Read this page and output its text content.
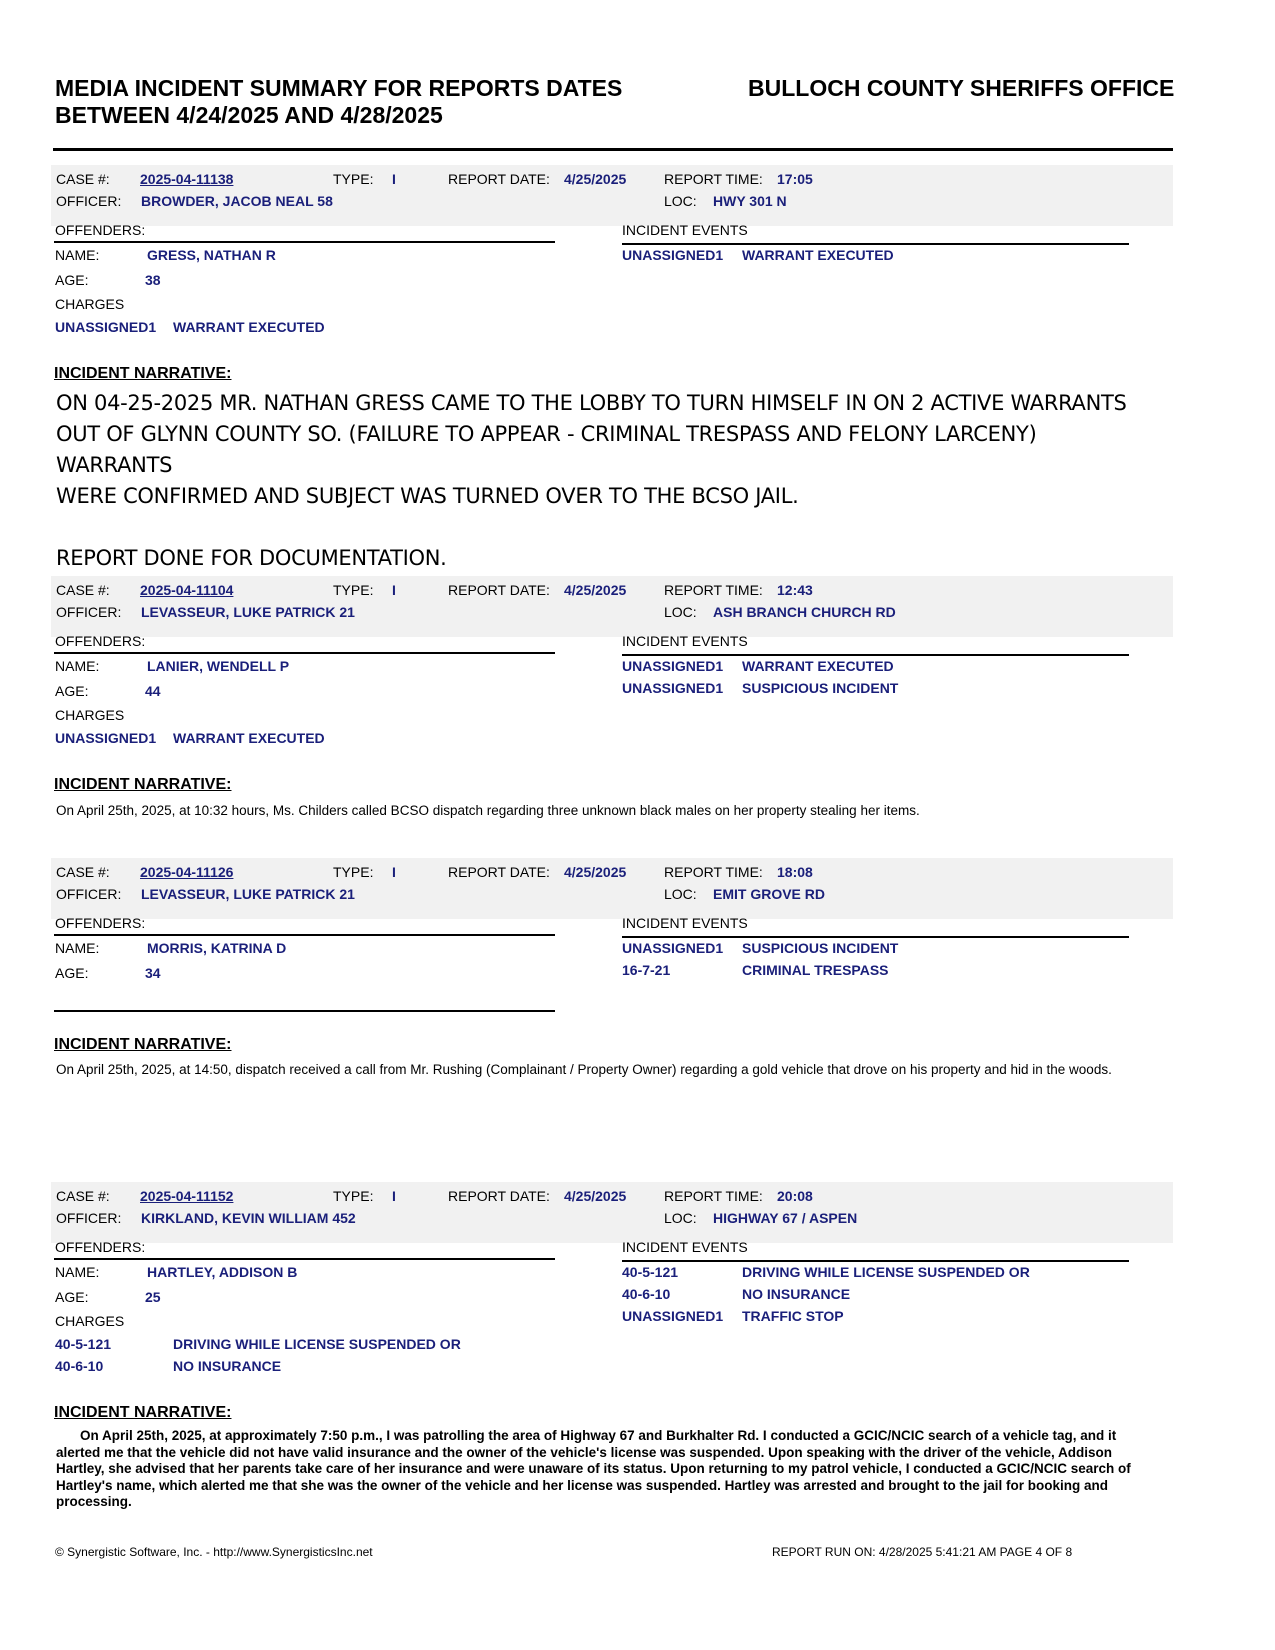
MEDIA INCIDENT SUMMARY FOR REPORTS DATES BETWEEN 4/24/2025 AND 4/28/2025
BULLOCH COUNTY SHERIFFS OFFICE
CASE #: 2025-04-11138	TYPE: I	REPORT DATE: 4/25/2025	REPORT TIME: 17:05
OFFICER: BROWDER, JACOB NEAL 58	LOC: HWY 301 N
OFFENDERS:	INCIDENT EVENTS
NAME:	GRESS, NATHAN R
AGE:	38
CHARGES
UNASSIGNED1 WARRANT EXECUTED
UNASSIGNED1 WARRANT EXECUTED
INCIDENT NARRATIVE:
ON 04-25-2025 MR. NATHAN GRESS CAME TO THE LOBBY TO TURN HIMSELF IN ON 2 ACTIVE WARRANTS
OUT OF GLYNN COUNTY SO. (FAILURE TO APPEAR - CRIMINAL TRESPASS AND FELONY LARCENY) WARRANTS
WERE CONFIRMED AND SUBJECT WAS TURNED OVER TO THE BCSO JAIL.

REPORT DONE FOR DOCUMENTATION.
CASE #: 2025-04-11104	TYPE: I	REPORT DATE: 4/25/2025	REPORT TIME: 12:43
OFFICER: LEVASSEUR, LUKE PATRICK 21	LOC: ASH BRANCH CHURCH RD
OFFENDERS:	INCIDENT EVENTS
NAME:	LANIER, WENDELL P
AGE:	44
CHARGES
UNASSIGNED1 WARRANT EXECUTED
UNASSIGNED1 WARRANT EXECUTED
UNASSIGNED1 SUSPICIOUS INCIDENT
INCIDENT NARRATIVE:
On April 25th, 2025, at 10:32 hours, Ms. Childers called BCSO dispatch regarding three unknown black males on her property stealing her items.
CASE #: 2025-04-11126	TYPE: I	REPORT DATE: 4/25/2025	REPORT TIME: 18:08
OFFICER: LEVASSEUR, LUKE PATRICK 21	LOC: EMIT GROVE RD
OFFENDERS:	INCIDENT EVENTS
NAME:	MORRIS, KATRINA D
AGE:	34
UNASSIGNED1 SUSPICIOUS INCIDENT
16-7-21	CRIMINAL TRESPASS
INCIDENT NARRATIVE:
On April 25th, 2025, at 14:50, dispatch received a call from Mr. Rushing (Complainant / Property Owner) regarding a gold vehicle that drove on his property and hid in the woods.
CASE #: 2025-04-11152	TYPE: I	REPORT DATE: 4/25/2025	REPORT TIME: 20:08
OFFICER: KIRKLAND, KEVIN WILLIAM 452	LOC: HIGHWAY 67 / ASPEN
OFFENDERS:	INCIDENT EVENTS
NAME:	HARTLEY, ADDISON B
AGE:	25
CHARGES
40-5-121	DRIVING WHILE LICENSE SUSPENDED OR
40-6-10	NO INSURANCE
40-5-121	DRIVING WHILE LICENSE SUSPENDED OR
40-6-10	NO INSURANCE
UNASSIGNED1 TRAFFIC STOP
INCIDENT NARRATIVE:
On April 25th, 2025, at approximately 7:50 p.m., I was patrolling the area of Highway 67 and Burkhalter Rd. I conducted a GCIC/NCIC search of a vehicle tag, and it alerted me that the vehicle did not have valid insurance and the owner of the vehicle's license was suspended. Upon speaking with the driver of the vehicle, Addison Hartley, she advised that her parents take care of her insurance and were unaware of its status. Upon returning to my patrol vehicle, I conducted a GCIC/NCIC search of Hartley's name, which alerted me that she was the owner of the vehicle and her license was suspended. Hartley was arrested and brought to the jail for booking and processing.
© Synergistic Software, Inc. - http://www.SynergisticsInc.net	REPORT RUN ON: 4/28/2025 5:41:21 AM PAGE 4 OF 8
